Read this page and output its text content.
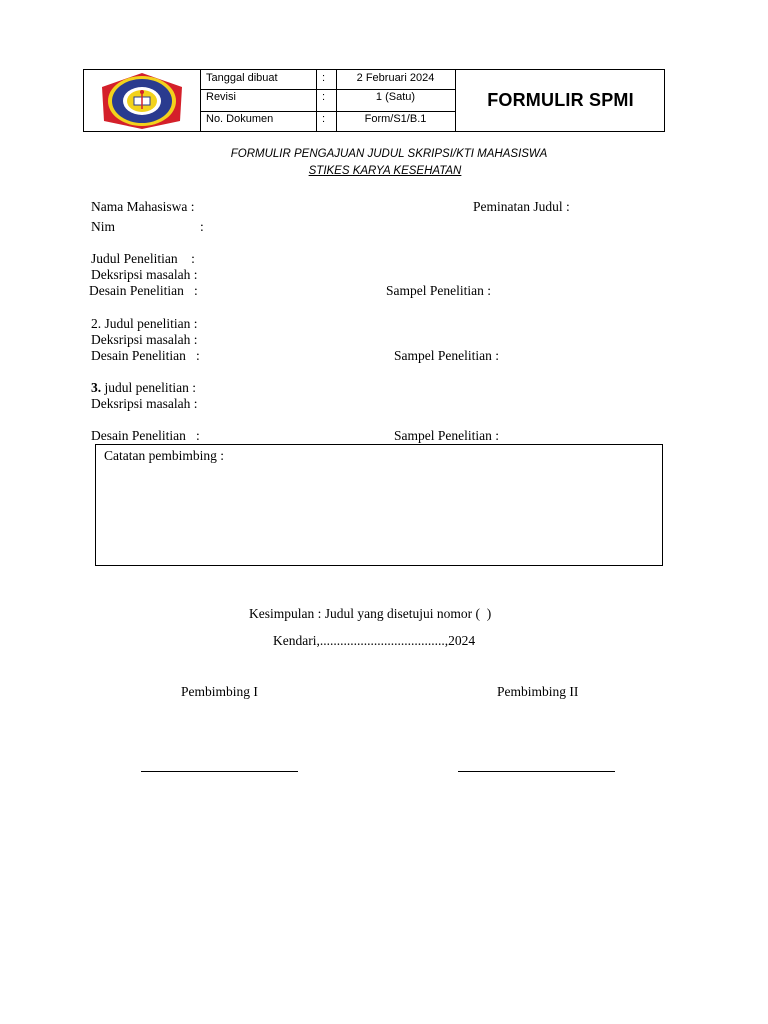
Tanggal dibuat	:	2 Februari 2024
Revisi	:	1 (Satu)
No. Dokumen	:	Form/S1/B.1
FORMULIR SPMI
FORMULIR PENGAJUAN JUDUL SKRIPSI/KTI MAHASISWA
STIKES KARYA KESEHATAN
Nama Mahasiswa :	Peminatan Judul :
Nim	:
Judul Penelitian    :
Deksripsi masalah :
Desain Penelitian   :	Sampel Penelitian :
2. Judul penelitian :
Deksripsi masalah :
Desain Penelitian   :	Sampel Penelitian :
3. judul penelitian :
Deksripsi masalah :
Desain Penelitian   :	Sampel Penelitian :
Catatan pembimbing :
Kesimpulan : Judul yang disetujui nomor (  )
Kendari,.....................................,2024
Pembimbing I	Pembimbing II
